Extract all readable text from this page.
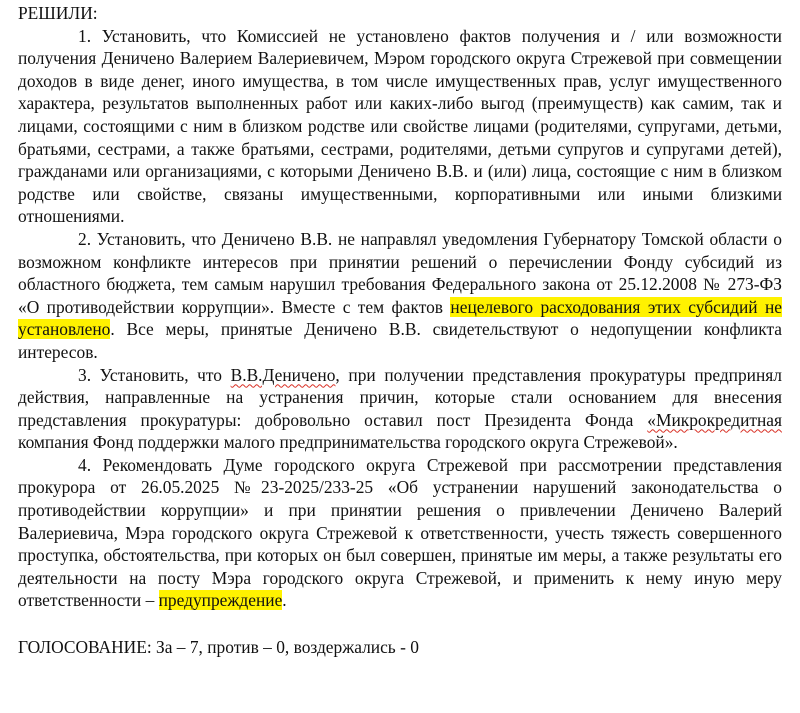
РЕШИЛИ:

1. Установить, что Комиссией не установлено фактов получения и / или возможности получения Деничено Валерием Валериевичем, Мэром городского округа Стрежевой при совмещении доходов в виде денег, иного имущества, в том числе имущественных прав, услуг имущественного характера, результатов выполненных работ или каких-либо выгод (преимуществ) как самим, так и лицами, состоящими с ним в близком родстве или свойстве лицами (родителями, супругами, детьми, братьями, сестрами, а также братьями, сестрами, родителями, детьми супругов и супругами детей), гражданами или организациями, с которыми Деничено В.В. и (или) лица, состоящие с ним в близком родстве или свойстве, связаны имущественными, корпоративными или иными близкими отношениями.

2. Установить, что Деничено В.В. не направлял уведомления Губернатору Томской области о возможном конфликте интересов при принятии решений о перечислении Фонду субсидий из областного бюджета, тем самым нарушил требования Федерального закона от 25.12.2008 № 273-ФЗ «О противодействии коррупции». Вместе с тем фактов нецелевого расходования этих субсидий не установлено. Все меры, принятые Деничено В.В. свидетельствуют о недопущении конфликта интересов.

3. Установить, что В.В.Деничено, при получении представления прокуратуры предпринял действия, направленные на устранения причин, которые стали основанием для внесения представления прокуратуры: добровольно оставил пост Президента Фонда «Микрокредитная компания Фонд поддержки малого предпринимательства городского округа Стрежевой».

4. Рекомендовать Думе городского округа Стрежевой при рассмотрении представления прокурора от 26.05.2025 №23-2025/233-25 «Об устранении нарушений законодательства о противодействии коррупции» и при принятии решения о привлечении Деничено Валерий Валериевича, Мэра городского округа Стрежевой к ответственности, учесть тяжесть совершенного проступка, обстоятельства, при которых он был совершен, принятые им меры, а также результаты его деятельности на посту Мэра городского округа Стрежевой, и применить к нему иную меру ответственности – предупреждение.

ГОЛОСОВАНИЕ: За – 7, против – 0, воздержались - 0
